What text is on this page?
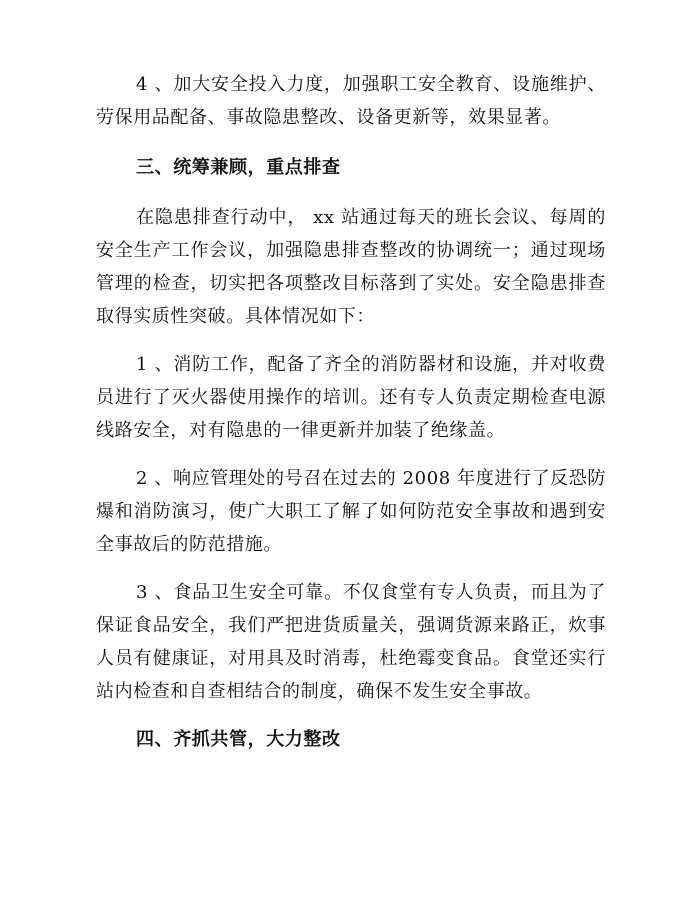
4 、加大安全投入力度，加强职工安全教育、设施维护、劳保用品配备、事故隐患整改、设备更新等，效果显著。

三、统筹兼顾，重点排查

在隐患排查行动中， xx 站通过每天的班长会议、每周的安全生产工作会议，加强隐患排查整改的协调统一；通过现场管理的检查，切实把各项整改目标落到了实处。安全隐患排查取得实质性突破。具体情况如下：

1 、消防工作，配备了齐全的消防器材和设施，并对收费员进行了灭火器使用操作的培训。还有专人负责定期检查电源线路安全，对有隐患的一律更新并加装了绝缘盖。

2 、响应管理处的号召在过去的 2008 年度进行了反恐防爆和消防演习，使广大职工了解了如何防范安全事故和遇到安全事故后的防范措施。

3 、食品卫生安全可靠。不仅食堂有专人负责，而且为了保证食品安全，我们严把进货质量关，强调货源来路正，炊事人员有健康证，对用具及时消毒，杜绝霉变食品。食堂还实行站内检查和自查相结合的制度，确保不发生安全事故。

四、齐抓共管，大力整改
